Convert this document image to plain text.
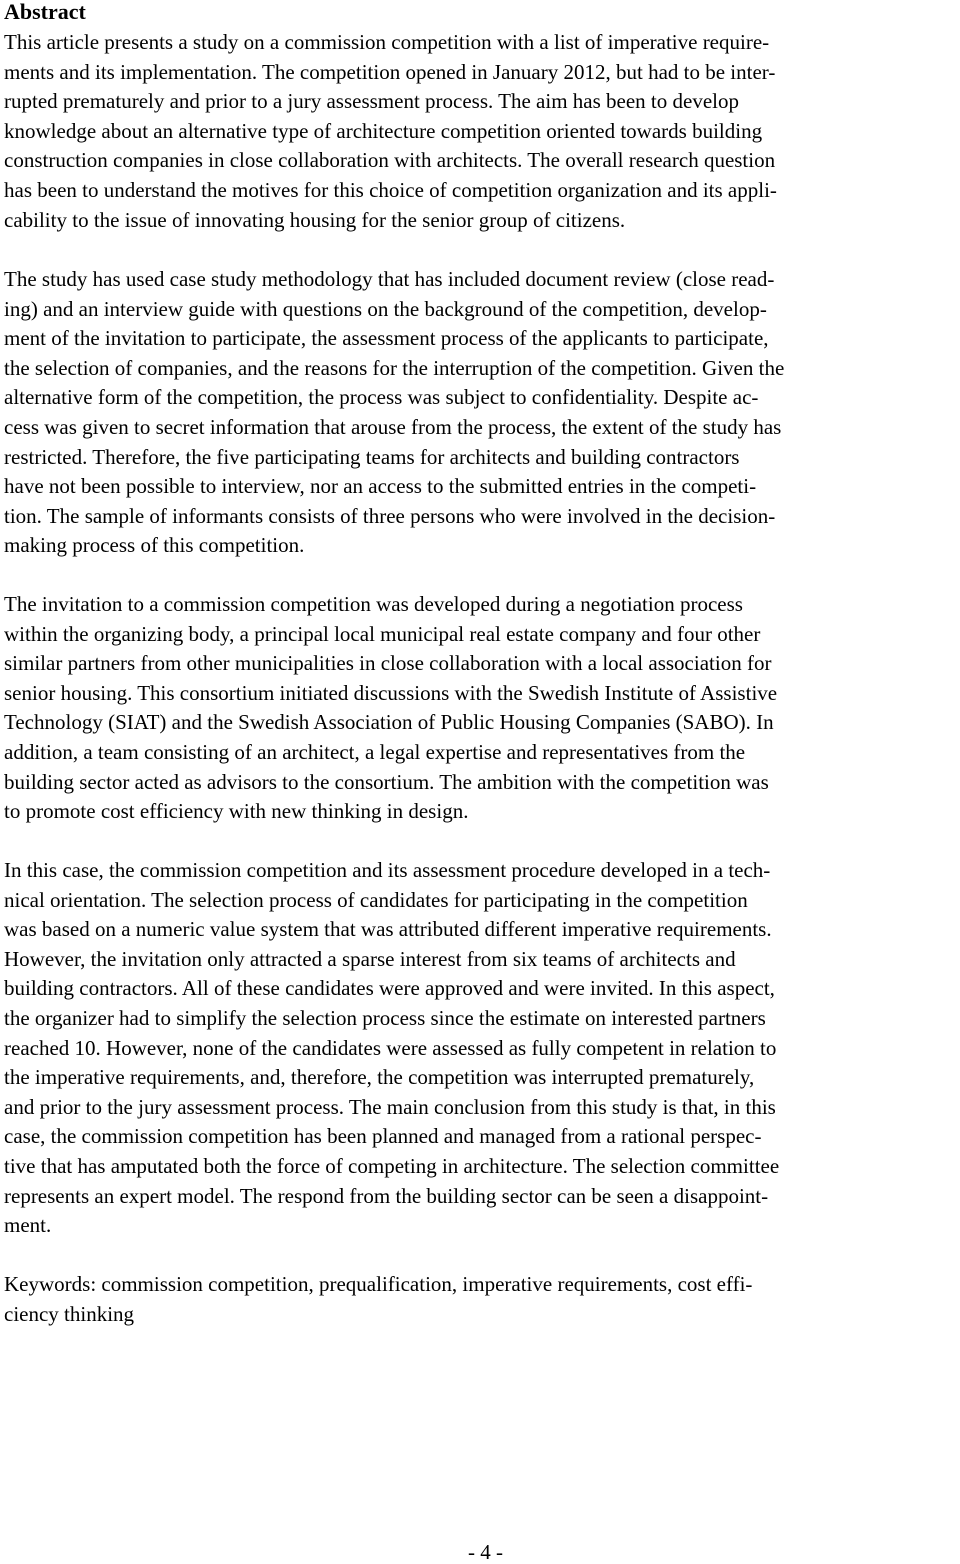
Abstract
This article presents a study on a commission competition with a list of imperative require-
ments and its implementation. The competition opened in January 2012, but had to be inter-
rupted prematurely and prior to a jury assessment process. The aim has been to develop
knowledge about an alternative type of architecture competition oriented towards building
construction companies in close collaboration with architects. The overall research question
has been to understand the motives for this choice of competition organization and its appli-
cability to the issue of innovating housing for the senior group of citizens.
The study has used case study methodology that has included document review (close read-
ing) and an interview guide with questions on the background of the competition, develop-
ment of the invitation to participate, the assessment process of the applicants to participate,
the selection of companies, and the reasons for the interruption of the competition. Given the
alternative form of the competition, the process was subject to confidentiality. Despite ac-
cess was given to secret information that arouse from the process, the extent of the study has
restricted. Therefore, the five participating teams for architects and building contractors
have not been possible to interview, nor an access to the submitted entries in the competi-
tion. The sample of informants consists of three persons who were involved in the decision-
making process of this competition.
The invitation to a commission competition was developed during a negotiation process
within the organizing body, a principal local municipal real estate company and four other
similar partners from other municipalities in close collaboration with a local association for
senior housing. This consortium initiated discussions with the Swedish Institute of Assistive
Technology (SIAT) and the Swedish Association of Public Housing Companies (SABO). In
addition, a team consisting of an architect, a legal expertise and representatives from the
building sector acted as advisors to the consortium. The ambition with the competition was
to promote cost efficiency with new thinking in design.
In this case, the commission competition and its assessment procedure developed in a tech-
nical orientation. The selection process of candidates for participating in the competition
was based on a numeric value system that was attributed different imperative requirements.
However, the invitation only attracted a sparse interest from six teams of architects and
building contractors. All of these candidates were approved and were invited. In this aspect,
the organizer had to simplify the selection process since the estimate on interested partners
reached 10. However, none of the candidates were assessed as fully competent in relation to
the imperative requirements, and, therefore, the competition was interrupted prematurely,
and prior to the jury assessment process. The main conclusion from this study is that, in this
case, the commission competition has been planned and managed from a rational perspec-
tive that has amputated both the force of competing in architecture. The selection committee
represents an expert model. The respond from the building sector can be seen a disappoint-
ment.
Keywords: commission competition, prequalification, imperative requirements, cost effi-
ciency thinking
- 4 -
